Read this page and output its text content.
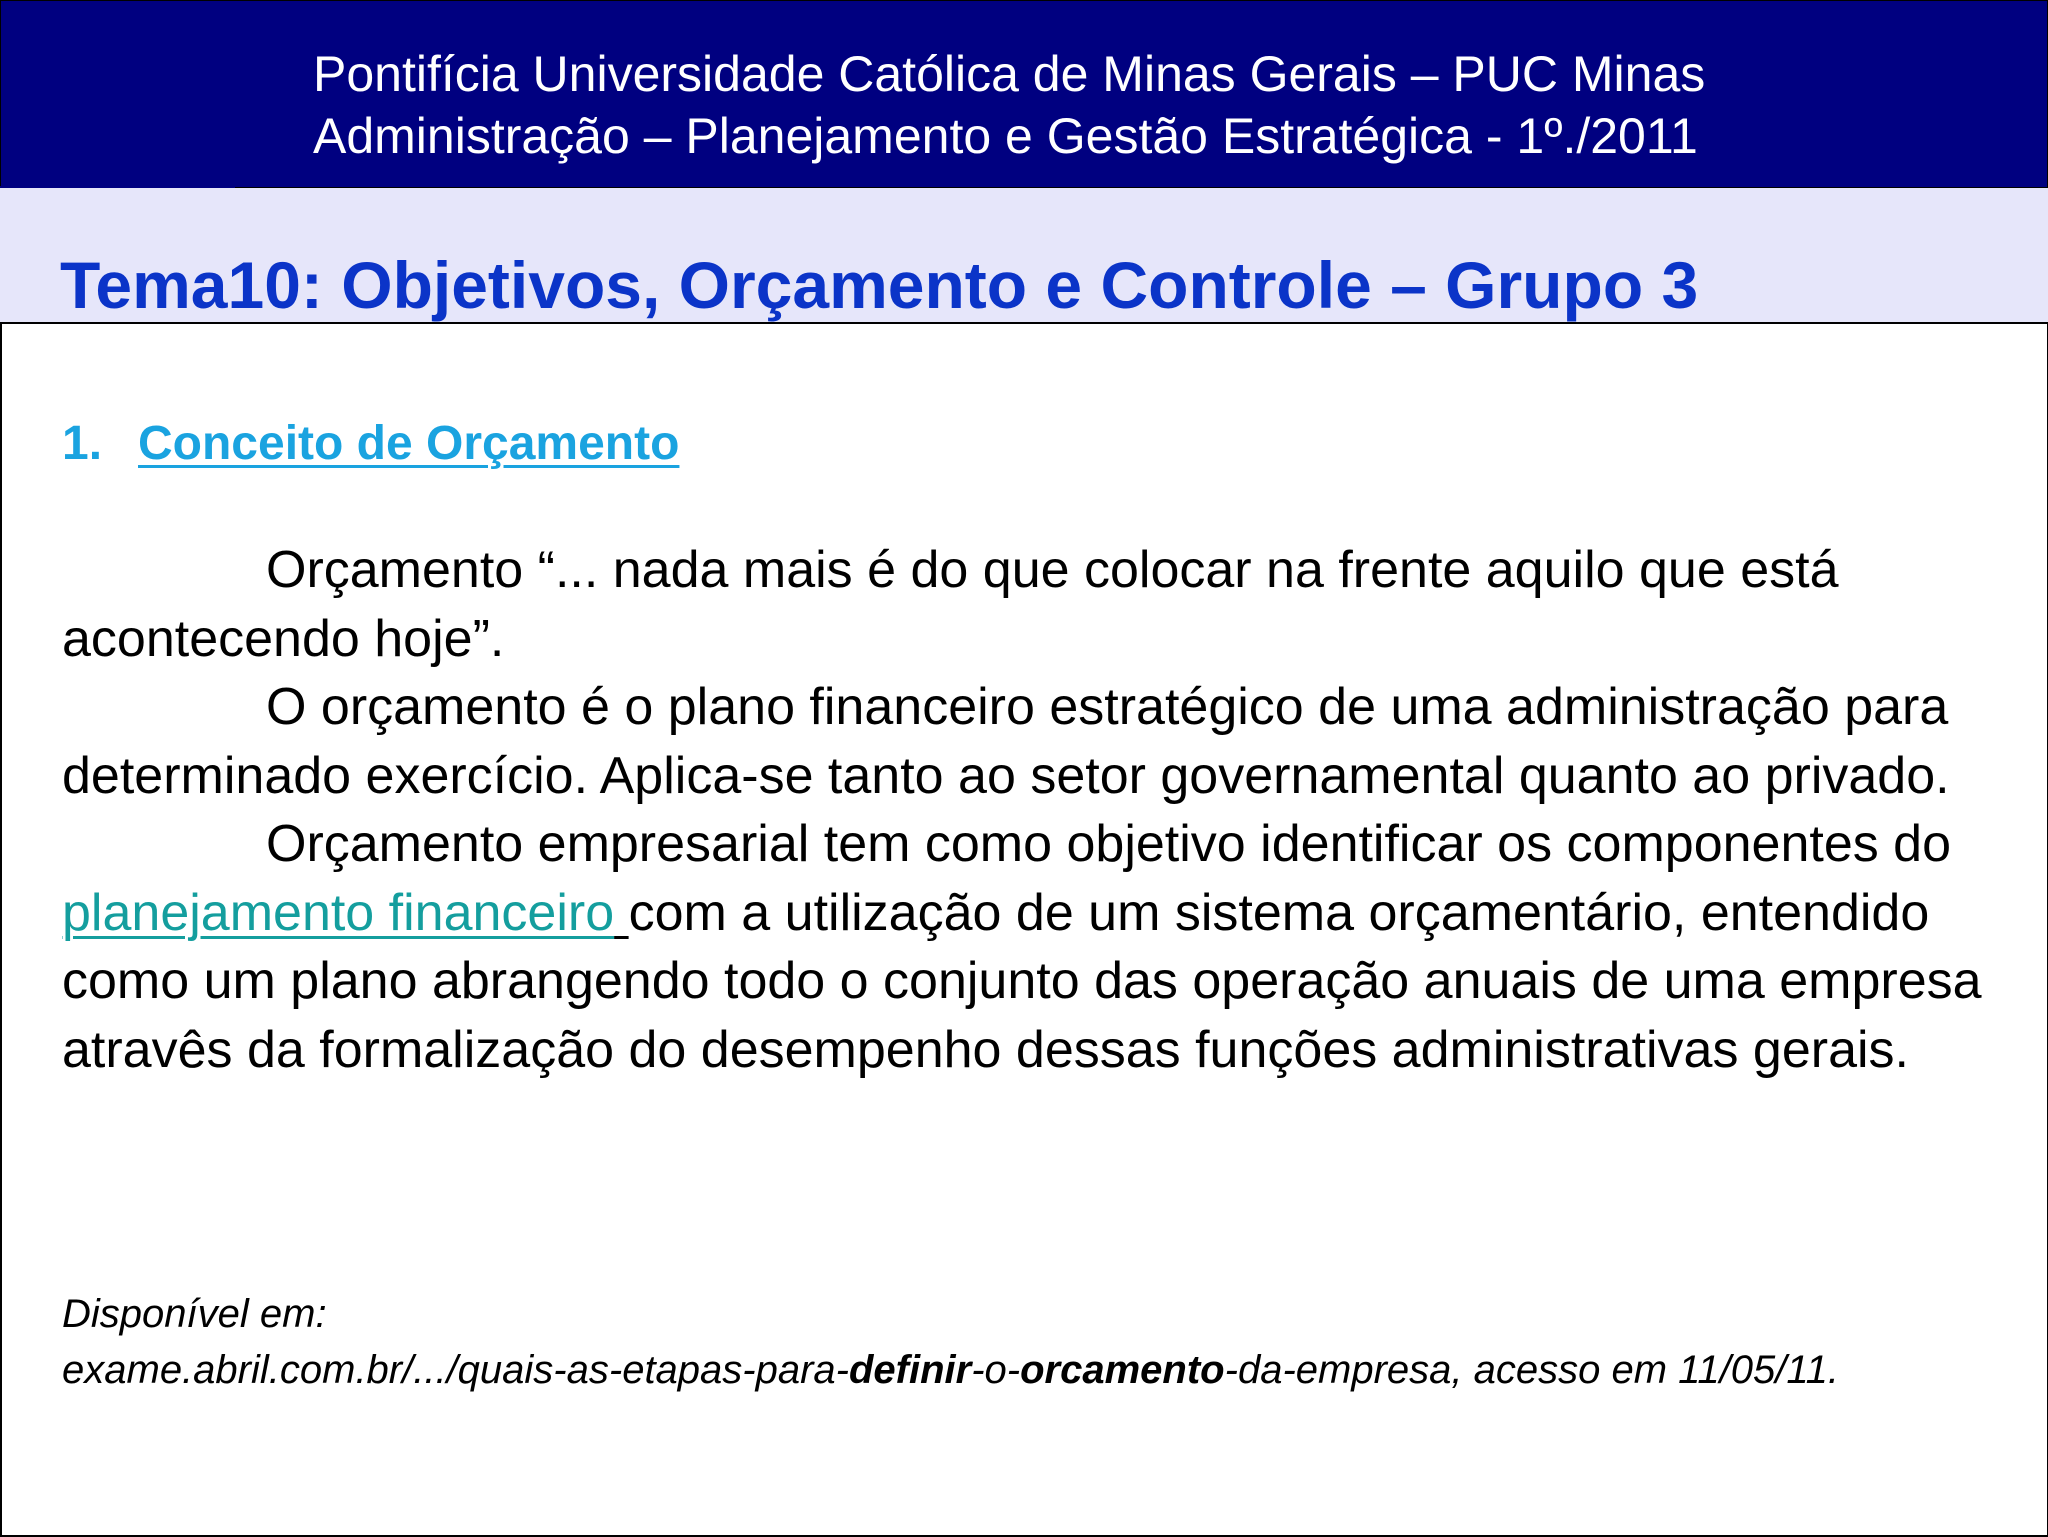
Pontifícia Universidade Católica de Minas Gerais – PUC Minas
Administração – Planejamento e Gestão Estratégica - 1º./2011
Tema10: Objetivos, Orçamento e Controle – Grupo 3
1. Conceito de Orçamento

Orçamento “... nada mais é do que colocar na frente aquilo que está acontecendo hoje”.

O orçamento é o plano financeiro estratégico de uma administração para determinado exercício. Aplica-se tanto ao setor governamental quanto ao privado.

Orçamento empresarial tem como objetivo identificar os componentes do planejamento financeiro com a utilização de um sistema orçamentário, entendido como um plano abrangendo todo o conjunto das operação anuais de uma empresa atravês da formalização do desempenho dessas funções administrativas gerais.

Disponível em:

exame.abril.com.br/.../quais-as-etapas-para-definir-o-orcamento-da-empresa, acesso em 11/05/11.
